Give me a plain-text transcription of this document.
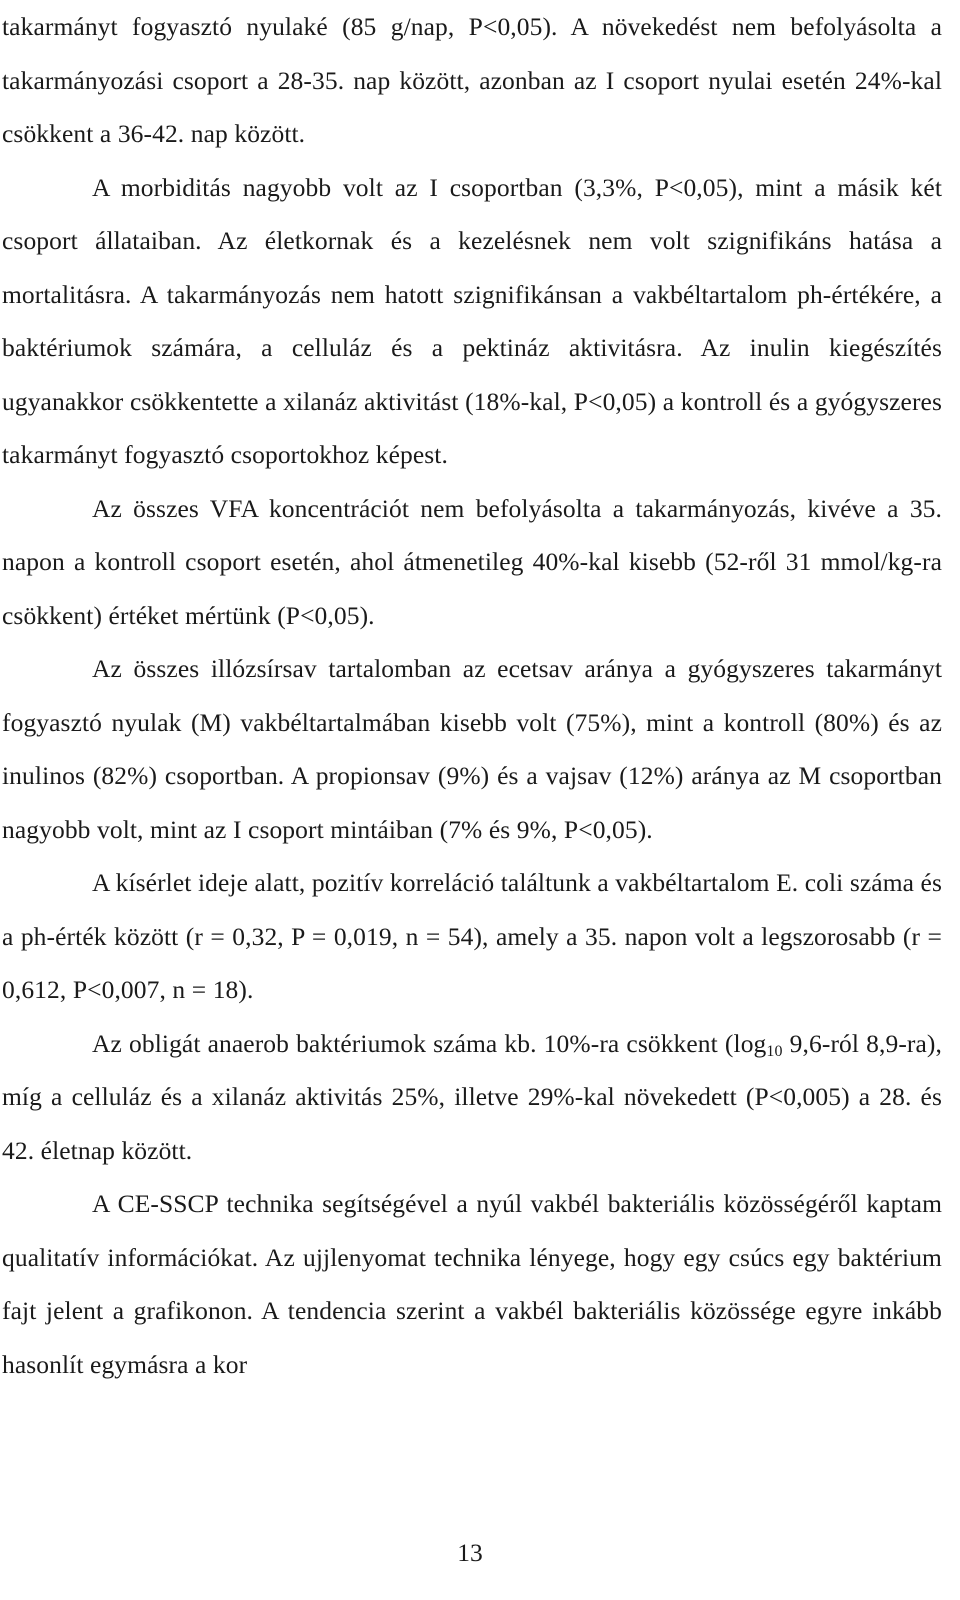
takarmányt fogyasztó nyulaké (85 g/nap, P<0,05). A növekedést nem befolyásolta a takarmányozási csoport a 28-35. nap között, azonban az I csoport nyulai esetén 24%-kal csökkent a 36-42. nap között.

A morbiditás nagyobb volt az I csoportban (3,3%, P<0,05), mint a másik két csoport állataiban. Az életkornak és a kezelésnek nem volt szignifikáns hatása a mortalitásra. A takarmányozás nem hatott szignifikánsan a vakbéltartalom ph-értékére, a baktériumok számára, a celluláz és a pektináz aktivitásra. Az inulin kiegészítés ugyanakkor csökkentette a xilanáz aktivitást (18%-kal, P<0,05) a kontroll és a gyógyszeres takarmányt fogyasztó csoportokhoz képest.

Az összes VFA koncentrációt nem befolyásolta a takarmányozás, kivéve a 35. napon a kontroll csoport esetén, ahol átmenetileg 40%-kal kisebb (52-ről 31 mmol/kg-ra csökkent) értéket mértünk (P<0,05).

Az összes illózsírsav tartalomban az ecetsav aránya a gyógyszeres takarmányt fogyasztó nyulak (M) vakbéltartalmában kisebb volt (75%), mint a kontroll (80%) és az inulinos (82%) csoportban. A propionsav (9%) és a vajsav (12%) aránya az M csoportban nagyobb volt, mint az I csoport mintáiban (7% és 9%, P<0,05).

A kísérlet ideje alatt, pozitív korreláció találtunk a vakbéltartalom E. coli száma és a ph-érték között (r = 0,32, P = 0,019, n = 54), amely a 35. napon volt a legszorosabb (r = 0,612, P<0,007, n = 18).

Az obligát anaerob baktériumok száma kb. 10%-ra csökkent ($\log_{10}$ 9,6-ról 8,9-ra), míg a celluláz és a xilanáz aktivitás 25%, illetve 29%-kal növekedett (P<0,005) a 28. és 42. életnap között.

A CE-SSCP technika segítségével a nyúl vakbél bakteriális közösségéről kaptam qualitatív információkat. Az ujjlenyomat technika lényege, hogy egy csúcs egy baktérium fajt jelent a grafikonon. A tendencia szerint a vakbél bakteriális közössége egyre inkább hasonlít egymásra a kor

13
